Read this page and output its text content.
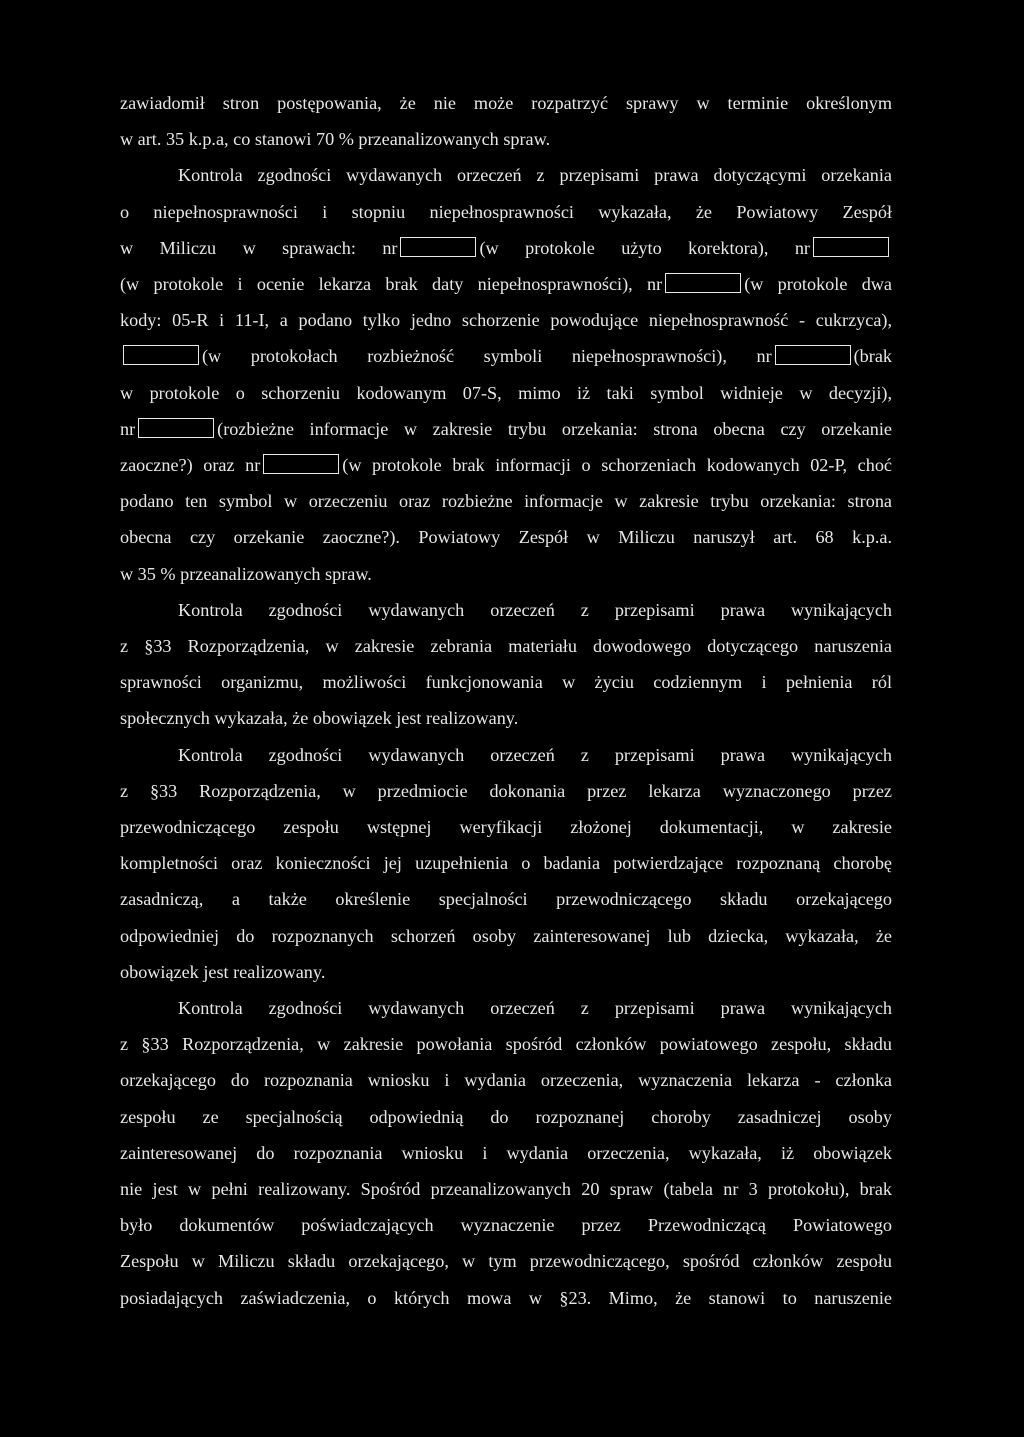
zawiadomił stron postępowania, że nie może rozpatrzyć sprawy w terminie określonym
w art. 35 k.p.a, co stanowi 70 % przeanalizowanych spraw.
Kontrola zgodności wydawanych orzeczeń z przepisami prawa dotyczącymi orzekania
o niepełnosprawności i stopniu niepełnosprawności wykazała, że Powiatowy Zespół
w Miliczu w sprawach: nr	(w protokole użyto korektora), nr
(w protokole i ocenie lekarza brak daty niepełnosprawności), nr	(w protokole dwa
kody: 05-R i 11-I, a podano tylko jedno schorzenie powodujące niepełnosprawność - cukrzyca),
(w protokołach rozbieżność symboli niepełnosprawności), nr	(brak
w protokole o schorzeniu kodowanym 07-S, mimo iż taki symbol widnieje w decyzji),
nr	(rozbieżne informacje w zakresie trybu orzekania: strona obecna czy orzekanie
zaoczne?) oraz nr	(w protokole brak informacji o schorzeniach kodowanych 02-P, choć
podano ten symbol w orzeczeniu oraz rozbieżne informacje w zakresie trybu orzekania: strona
obecna czy orzekanie zaoczne?). Powiatowy Zespół w Miliczu naruszył art. 68 k.p.a.
w 35 % przeanalizowanych spraw.
Kontrola zgodności wydawanych orzeczeń z przepisami prawa wynikających
z §33 Rozporządzenia, w zakresie zebrania materiału dowodowego dotyczącego naruszenia
sprawności organizmu, możliwości funkcjonowania w życiu codziennym i pełnienia ról
społecznych wykazała, że obowiązek jest realizowany.
Kontrola zgodności wydawanych orzeczeń z przepisami prawa wynikających
z §33 Rozporządzenia, w przedmiocie dokonania przez lekarza wyznaczonego przez
przewodniczącego zespołu wstępnej weryfikacji złożonej dokumentacji, w zakresie
kompletności oraz konieczności jej uzupełnienia o badania potwierdzające rozpoznaną chorobę
zasadniczą, a także określenie specjalności przewodniczącego składu orzekającego
odpowiedniej do rozpoznanych schorzeń osoby zainteresowanej lub dziecka, wykazała, że
obowiązek jest realizowany.
Kontrola zgodności wydawanych orzeczeń z przepisami prawa wynikających
z §33 Rozporządzenia, w zakresie powołania spośród członków powiatowego zespołu, składu
orzekającego do rozpoznania wniosku i wydania orzeczenia, wyznaczenia lekarza - członka
zespołu ze specjalnością odpowiednią do rozpoznanej choroby zasadniczej osoby
zainteresowanej do rozpoznania wniosku i wydania orzeczenia, wykazała, iż obowiązek
nie jest w pełni realizowany. Spośród przeanalizowanych 20 spraw (tabela nr 3 protokołu), brak
było dokumentów poświadczających wyznaczenie przez Przewodniczącą Powiatowego
Zespołu w Miliczu składu orzekającego, w tym przewodniczącego, spośród członków zespołu
posiadających zaświadczenia, o których mowa w §23. Mimo, że stanowi to naruszenie
